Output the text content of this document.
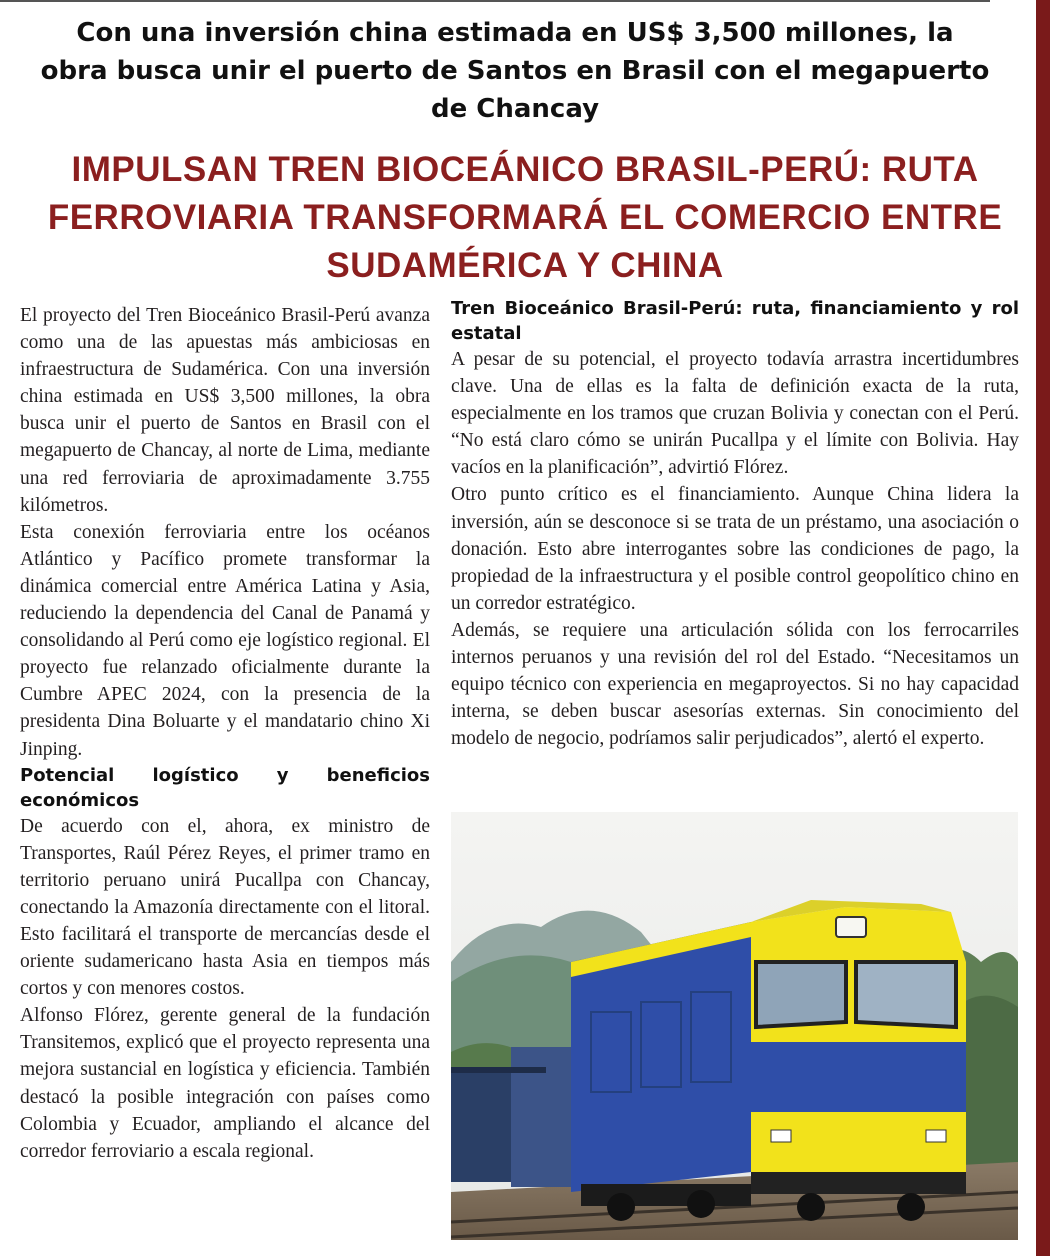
Con una inversión china estimada en US$ 3,500 millones, la obra busca unir el puerto de Santos en Brasil con el megapuerto de Chancay
IMPULSAN TREN BIOCEÁNICO BRASIL-PERÚ: RUTA FERROVIARIA TRANSFORMARÁ EL COMERCIO ENTRE SUDAMÉRICA Y CHINA

El proyecto del Tren Bioceánico Brasil-Perú avanza como una de las apuestas más ambiciosas en infraestructura de Sudamérica. Con una inversión china estimada en US$ 3,500 millones, la obra busca unir el puerto de Santos en Brasil con el megapuerto de Chancay, al norte de Lima, mediante una red ferroviaria de aproximadamente 3.755 kilómetros.

Esta conexión ferroviaria entre los océanos Atlántico y Pacífico promete transformar la dinámica comercial entre América Latina y Asia, reduciendo la dependencia del Canal de Panamá y consolidando al Perú como eje logístico regional. El proyecto fue relanzado oficialmente durante la Cumbre APEC 2024, con la presencia de la presidenta Dina Boluarte y el mandatario chino Xi Jinping.

Potencial logístico y beneficios económicos

De acuerdo con el, ahora, ex ministro de Transportes, Raúl Pérez Reyes, el primer tramo en territorio peruano unirá Pucallpa con Chancay, conectando la Amazonía directamente con el litoral. Esto facilitará el transporte de mercancías desde el oriente sudamericano hasta Asia en tiempos más cortos y con menores costos.

Alfonso Flórez, gerente general de la fundación Transitemos, explicó que el proyecto representa una mejora sustancial en logística y eficiencia. También destacó la posible integración con países como Colombia y Ecuador, ampliando el alcance del corredor ferroviario a escala regional.

Tren Bioceánico Brasil-Perú: ruta, financiamiento y rol estatal

A pesar de su potencial, el proyecto todavía arrastra incertidumbres clave. Una de ellas es la falta de definición exacta de la ruta, especialmente en los tramos que cruzan Bolivia y conectan con el Perú. “No está claro cómo se unirán Pucallpa y el límite con Bolivia. Hay vacíos en la planificación”, advirtió Flórez.

Otro punto crítico es el financiamiento. Aunque China lidera la inversión, aún se desconoce si se trata de un préstamo, una asociación o donación. Esto abre interrogantes sobre las condiciones de pago, la propiedad de la infraestructura y el posible control geopolítico chino en un corredor estratégico.

Además, se requiere una articulación sólida con los ferrocarriles internos peruanos y una revisión del rol del Estado. “Necesitamos un equipo técnico con experiencia en megaproyectos. Si no hay capacidad interna, se deben buscar asesorías externas. Sin conocimiento del modelo de negocio, podríamos salir perjudicados”, alertó el experto.
